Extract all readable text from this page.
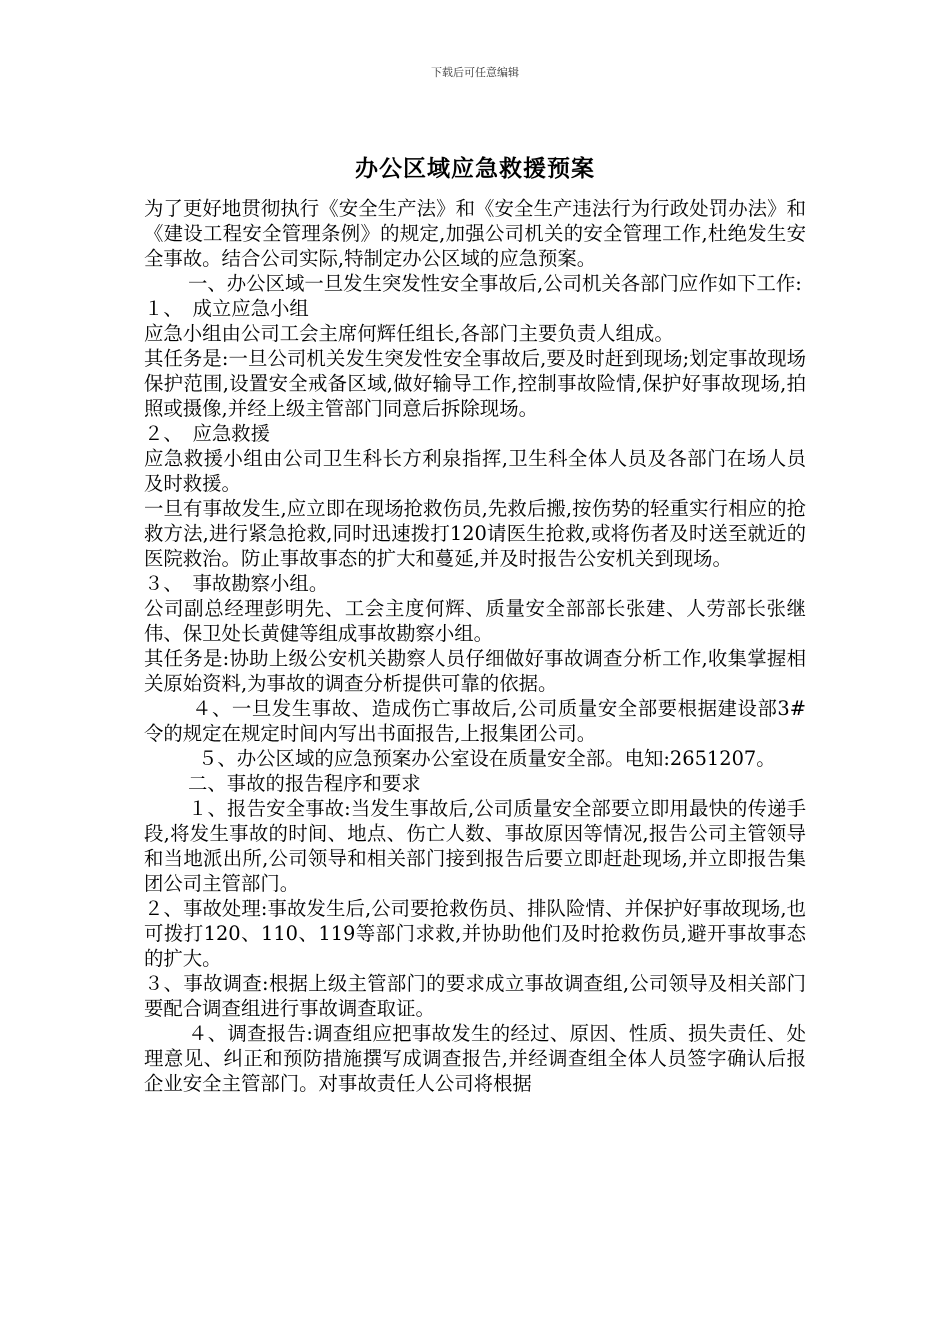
下载后可任意编辑
办公区域应急救援预案

为了更好地贯彻执行《安全生产法》和《安全生产违法行为行政处罚办法》和《建设工程安全管理条例》的规定,加强公司机关的安全管理工作,杜绝发生安全事故。结合公司实际,特制定办公区域的应急预案。

一、办公区域一旦发生突发性安全事故后,公司机关各部门应作如下工作:

１、　成立应急小组

应急小组由公司工会主席何辉任组长,各部门主要负责人组成。

其任务是:一旦公司机关发生突发性安全事故后,要及时赶到现场;划定事故现场保护范围,设置安全戒备区域,做好输导工作,控制事故险情,保护好事故现场,拍照或摄像,并经上级主管部门同意后拆除现场。

２、　应急救援

应急救援小组由公司卫生科长方利泉指挥,卫生科全体人员及各部门在场人员及时救援。

一旦有事故发生,应立即在现场抢救伤员,先救后搬,按伤势的轻重实行相应的抢救方法,进行紧急抢救,同时迅速拨打120请医生抢救,或将伤者及时送至就近的医院救治。防止事故事态的扩大和蔓延,并及时报告公安机关到现场。

３、　事故勘察小组。

公司副总经理彭明先、工会主度何辉、质量安全部部长张建、人劳部长张继伟、保卫处长黄健等组成事故勘察小组。

其任务是:协助上级公安机关勘察人员仔细做好事故调查分析工作,收集掌握相关原始资料,为事故的调查分析提供可靠的依据。

４、一旦发生事故、造成伤亡事故后,公司质量安全部要根据建设部3#令的规定在规定时间内写出书面报告,上报集团公司。

５、办公区域的应急预案办公室设在质量安全部。电知:2651207。

二、事故的报告程序和要求

１、报告安全事故:当发生事故后,公司质量安全部要立即用最快的传递手段,将发生事故的时间、地点、伤亡人数、事故原因等情况,报告公司主管领导和当地派出所,公司领导和相关部门接到报告后要立即赶赴现场,并立即报告集团公司主管部门。

２、事故处理:事故发生后,公司要抢救伤员、排队险情、并保护好事故现场,也可拨打120、110、119等部门求救,并协助他们及时抢救伤员,避开事故事态的扩大。

３、事故调查:根据上级主管部门的要求成立事故调查组,公司领导及相关部门要配合调查组进行事故调查取证。

４、调查报告:调查组应把事故发生的经过、原因、性质、损失责任、处理意见、纠正和预防措施撰写成调查报告,并经调查组全体人员签字确认后报企业安全主管部门。对事故责任人公司将根据
